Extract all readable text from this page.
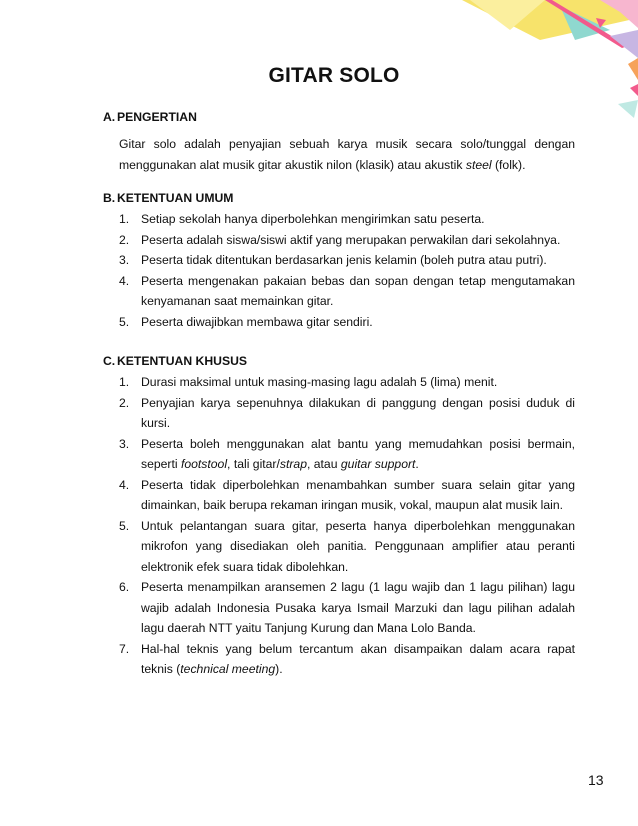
GITAR SOLO
A. PENGERTIAN
Gitar solo adalah penyajian sebuah karya musik secara solo/tunggal dengan menggunakan alat musik gitar akustik nilon (klasik) atau akustik steel (folk).
B. KETENTUAN UMUM
1. Setiap sekolah hanya diperbolehkan mengirimkan satu peserta.
2. Peserta adalah siswa/siswi aktif yang merupakan perwakilan dari sekolahnya.
3. Peserta tidak ditentukan berdasarkan jenis kelamin (boleh putra atau putri).
4. Peserta mengenakan pakaian bebas dan sopan dengan tetap mengutamakan kenyamanan saat memainkan gitar.
5. Peserta diwajibkan membawa gitar sendiri.
C. KETENTUAN KHUSUS
1. Durasi maksimal untuk masing-masing lagu adalah 5 (lima) menit.
2. Penyajian karya sepenuhnya dilakukan di panggung dengan posisi duduk di kursi.
3. Peserta boleh menggunakan alat bantu yang memudahkan posisi bermain, seperti footstool, tali gitar/strap, atau guitar support.
4. Peserta tidak diperbolehkan menambahkan sumber suara selain gitar yang dimainkan, baik berupa rekaman iringan musik, vokal, maupun alat musik lain.
5. Untuk pelantangan suara gitar, peserta hanya diperbolehkan menggunakan mikrofon yang disediakan oleh panitia. Penggunaan amplifier atau peranti elektronik efek suara tidak dibolehkan.
6. Peserta menampilkan aransemen 2 lagu (1 lagu wajib dan 1 lagu pilihan) lagu wajib adalah Indonesia Pusaka karya Ismail Marzuki dan lagu pilihan adalah lagu daerah NTT yaitu Tanjung Kurung dan Mana Lolo Banda.
7. Hal-hal teknis yang belum tercantum akan disampaikan dalam acara rapat teknis (technical meeting).
13
